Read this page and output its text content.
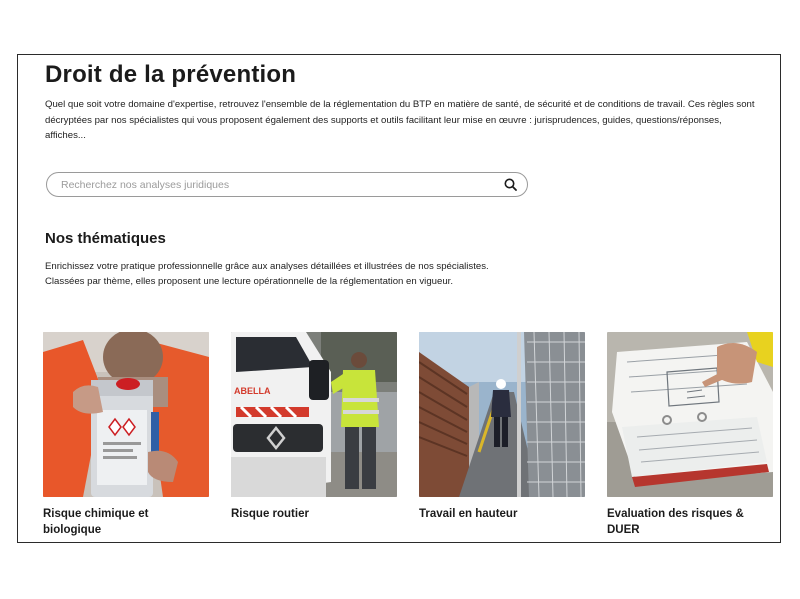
Droit de la prévention

Quel que soit votre domaine d'expertise, retrouvez l'ensemble de la réglementation du BTP en matière de santé, de sécurité et de conditions de travail. Ces règles sont décryptées par nos spécialistes qui vous proposent également des supports et outils facilitant leur mise en œuvre : jurisprudences, guides, questions/réponses, affiches...

Recherchez nos analyses juridiques
Nos thématiques

Enrichissez votre pratique professionnelle grâce aux analyses détaillées et illustrées de nos spécialistes. Classées par thème, elles proposent une lecture opérationnelle de la réglementation en vigueur.

Risque chimique et biologique
ABELLA
Risque routier	Travail en hauteur	Evaluation des risques & DUER
